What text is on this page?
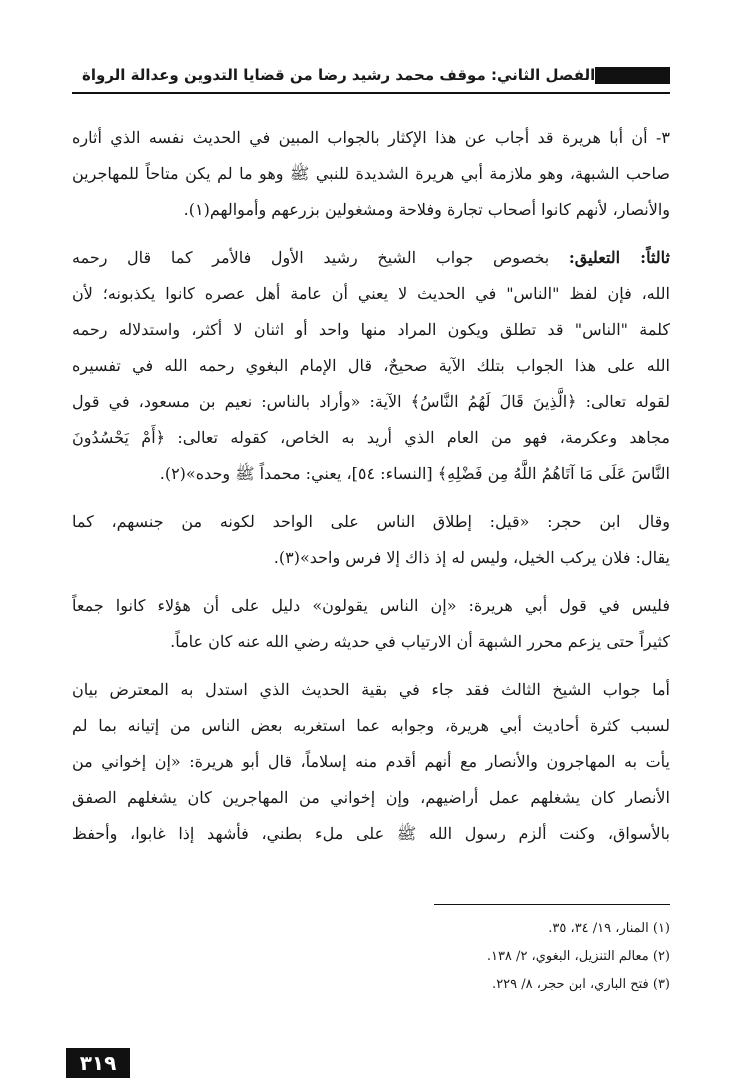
الفصل الثاني: موقف محمد رشيد رضا من قضايا التدوين وعدالة الرواة
٣- أن أبا هريرة قد أجاب عن هذا الإكثار بالجواب المبين في الحديث نفسه الذي أثاره
صاحب الشبهة، وهو ملازمة أبي هريرة الشديدة للنبي ﷺ وهو ما لم يكن متاحاً للمهاجرين
والأنصار، لأنهم كانوا أصحاب تجارة وفلاحة ومشغولين بزرعهم وأموالهم(١).
ثالثاً: التعليق: بخصوص جواب الشيخ رشيد الأول فالأمر كما قال رحمه
الله، فإن لفظ "الناس" في الحديث لا يعني أن عامة أهل عصره كانوا يكذبونه؛ لأن
كلمة "الناس" قد تطلق ويكون المراد منها واحد أو اثنان لا أكثر، واستدلاله رحمه
الله على هذا الجواب بتلك الآية صحيحٌ، قال الإمام البغوي رحمه الله في تفسيره
لقوله تعالى: ﴿الَّذِينَ قَالَ لَهُمُ النَّاسُ﴾ الآية: «وأراد بالناس: نعيم بن مسعود، في قول
مجاهد وعكرمة، فهو من العام الذي أريد به الخاص، كقوله تعالى: ﴿أَمْ يَحْسُدُونَ
النَّاسَ عَلَى مَا آتَاهُمُ اللَّهُ مِن فَضْلِهِ﴾ [النساء: ٥٤]، يعني: محمداً ﷺ وحده»(٢).
وقال ابن حجر: «قيل: إطلاق الناس على الواحد لكونه من جنسهم، كما
يقال: فلان يركب الخيل، وليس له إذ ذاك إلا فرس واحد»(٣).
فليس في قول أبي هريرة: «إن الناس يقولون» دليل على أن هؤلاء كانوا جمعاً
كثيراً حتى يزعم محرر الشبهة أن الارتياب في حديثه رضي الله عنه كان عاماً.
أما جواب الشيخ الثالث فقد جاء في بقية الحديث الذي استدل به المعترض بيان
لسبب كثرة أحاديث أبي هريرة، وجوابه عما استغربه بعض الناس من إتيانه بما لم
يأت به المهاجرون والأنصار مع أنهم أقدم منه إسلاماً، قال أبو هريرة: «إن إخواني من
الأنصار كان يشغلهم عمل أراضيهم، وإن إخواني من المهاجرين كان يشغلهم الصفق
بالأسواق، وكنت ألزم رسول الله ﷺ على ملء بطني، فأشهد إذا غابوا، وأحفظ
(١) المنار، ١٩/ ٣٤، ٣٥.
(٢) معالم التنزيل، البغوي، ٢/ ١٣٨.
(٣) فتح الباري، ابن حجر، ٨/ ٢٢٩.
٣١٩
